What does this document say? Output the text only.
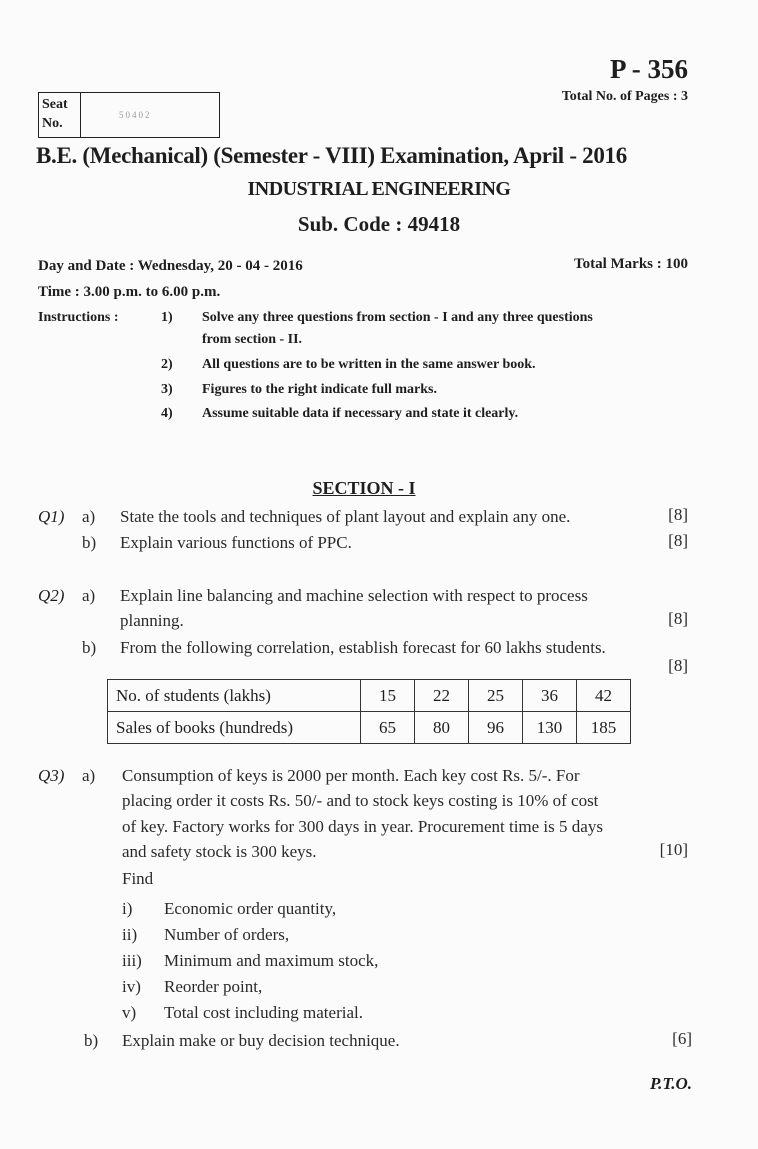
P - 356
Total No. of Pages : 3
Seat
No.
50402
B.E. (Mechanical) (Semester - VIII) Examination, April - 2016
INDUSTRIAL ENGINEERING
Sub. Code : 49418
Day and Date : Wednesday, 20 - 04 - 2016	Total Marks : 100
Time : 3.00 p.m. to 6.00 p.m.
Instructions :	1) Solve any three questions from section - I and any three questions
from section - II.
2) All questions are to be written in the same answer book.
3) Figures to the right indicate full marks.
4) Assume suitable data if necessary and state it clearly.
SECTION - I
Q1) a) State the tools and techniques of plant layout and explain any one.	[8]
b) Explain various functions of PPC.	[8]
Q2) a) Explain line balancing and machine selection with respect to process
planning.	[8]
b) From the following correlation, establish forecast for 60 lakhs students.
[8]
No. of students (lakhs)	15	22	25	36	42
Sales of books (hundreds)	65	80	96	130	185
Q3) a) Consumption of keys is 2000 per month. Each key cost Rs. 5/-. For
placing order it costs Rs. 50/- and to stock keys costing is 10% of cost
of key. Factory works for 300 days in year. Procurement time is 5 days
and safety stock is 300 keys.	[10]
Find
i) Economic order quantity,
ii) Number of orders,
iii) Minimum and maximum stock,
iv) Reorder point,
v) Total cost including material.
b) Explain make or buy decision technique.	[6]
P.T.O.
